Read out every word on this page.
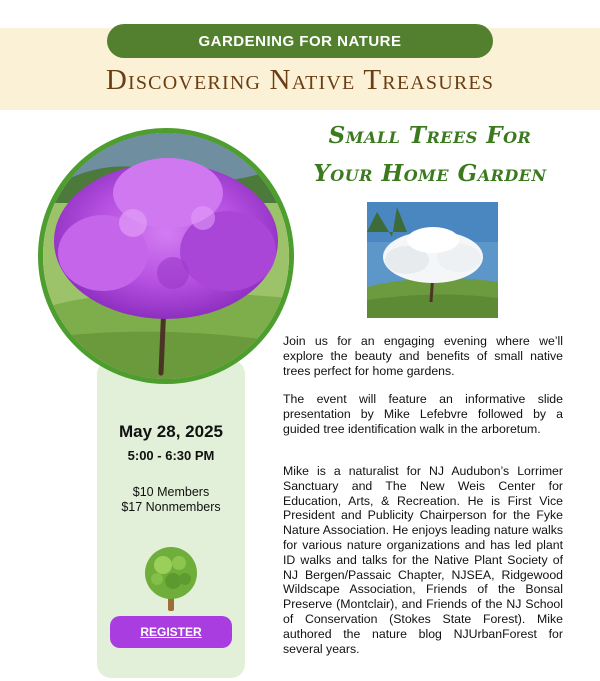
GARDENING FOR NATURE
Discovering Native Treasures
May 28, 2025
5:00 - 6:30 PM
$10 Members
$17 Nonmembers
REGISTER
Small Trees For
Your Home Garden

Join us for an engaging evening where we’ll explore the beauty and benefits of small native trees perfect for home gardens.

The event will feature an informative slide presentation by Mike Lefebvre followed by a guided tree identification walk in the arboretum.

Mike is a naturalist for NJ Audubon’s Lorrimer Sanctuary and The New Weis Center for Education, Arts, & Recreation. He is First Vice President and Publicity Chairperson for the Fyke Nature Association. He enjoys leading nature walks for various nature organizations and has led plant ID walks and talks for the Native Plant Society of NJ Bergen/Passaic Chapter, NJSEA, Ridgewood Wildscape Association, Friends of the Bonsal Preserve (Montclair), and Friends of the NJ School of Conservation (Stokes State Forest). Mike authored the nature blog NJUrbanForest for several years.
